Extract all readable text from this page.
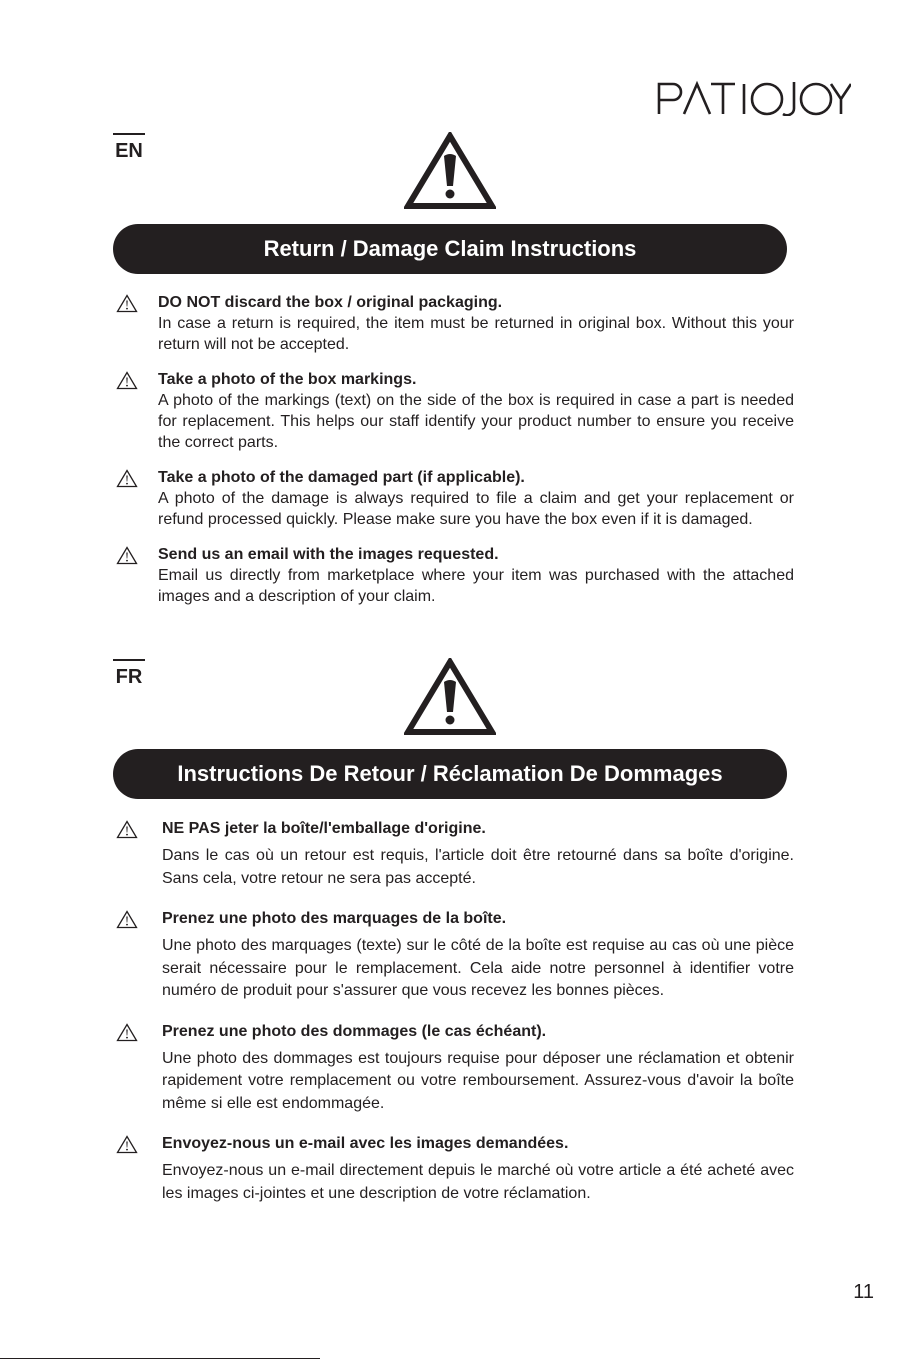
EN
Return / Damage Claim Instructions
DO NOT discard the box / original packaging.

In case a return is required, the item must be returned in original box. Without this your return will not be accepted.

Take a photo of the box markings.

A photo of the markings (text) on the side of the box is required in case a part is needed for replacement. This helps our staff identify your product number to ensure you receive the correct parts.

Take a photo of the damaged part (if applicable).

A photo of the damage is always required to file a claim and get your replacement or refund processed quickly. Please make sure you have the box even if it is damaged.

Send us an email with the images requested.

Email us directly from marketplace where your item was purchased with the attached images and a description of your claim.

FR
Instructions De Retour / Réclamation De Dommages
NE PAS jeter la boîte/l'emballage d'origine.

Dans le cas où un retour est requis, l'article doit être retourné dans sa boîte d'origine. Sans cela, votre retour ne sera pas accepté.

Prenez une photo des marquages de la boîte.

Une photo des marquages (texte) sur le côté de la boîte est requise au cas où une pièce serait nécessaire pour le remplacement. Cela aide notre personnel à identifier votre numéro de produit pour s'assurer que vous recevez les bonnes pièces.

Prenez une photo des dommages (le cas échéant).

Une photo des dommages est toujours requise pour déposer une réclamation et obtenir rapidement votre remplacement ou votre remboursement. Assurez-vous d'avoir la boîte même si elle est endommagée.

Envoyez-nous un e-mail avec les images demandées.

Envoyez-nous un e-mail directement depuis le marché où votre article a été acheté avec les images ci-jointes et une description de votre réclamation.

11
